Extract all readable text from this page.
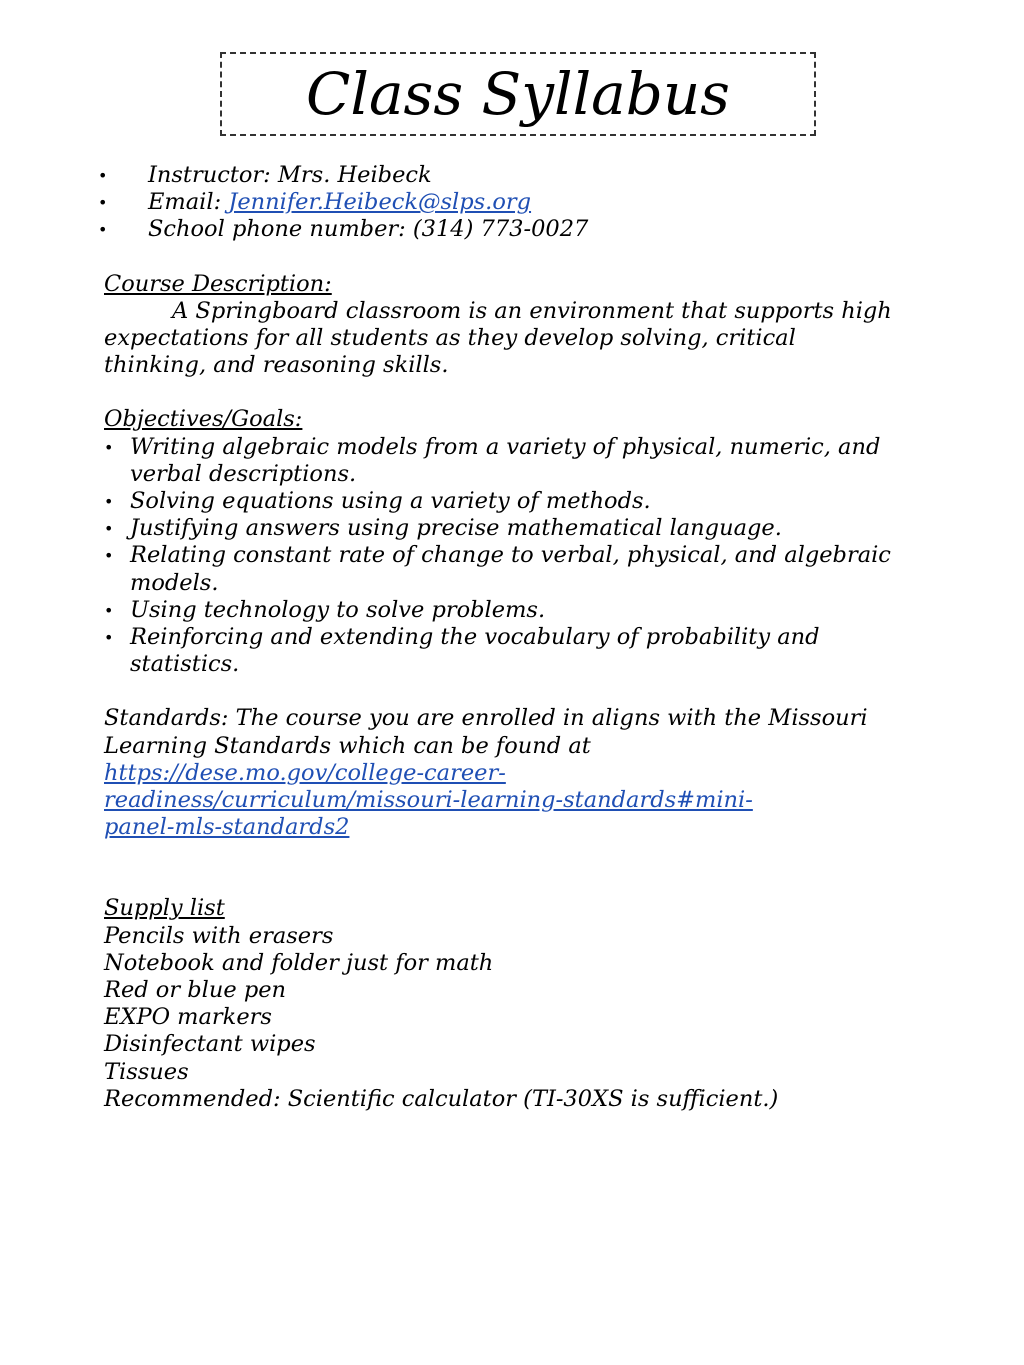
Class Syllabus
• Instructor: Mrs. Heibeck
• Email: Jennifer.Heibeck@slps.org
• School phone number: (314) 773-0027
Course Description:

A Springboard classroom is an environment that supports high expectations for all students as they develop solving, critical thinking, and reasoning skills.

Objectives/Goals:
• Writing algebraic models from a variety of physical, numeric, and verbal descriptions.
• Solving equations using a variety of methods.
• Justifying answers using precise mathematical language.
• Relating constant rate of change to verbal, physical, and algebraic models.
• Using technology to solve problems.
• Reinforcing and extending the vocabulary of probability and statistics.

Standards: The course you are enrolled in aligns with the Missouri Learning Standards which can be found at

https://dese.mo.gov/college-career-
readiness/curriculum/missouri-learning-standards#mini-
panel-mls-standards2
Supply list

Pencils with erasers

Notebook and folder just for math

Red or blue pen

EXPO markers

Disinfectant wipes

Tissues

Recommended: Scientific calculator (TI-30XS is sufficient.)
